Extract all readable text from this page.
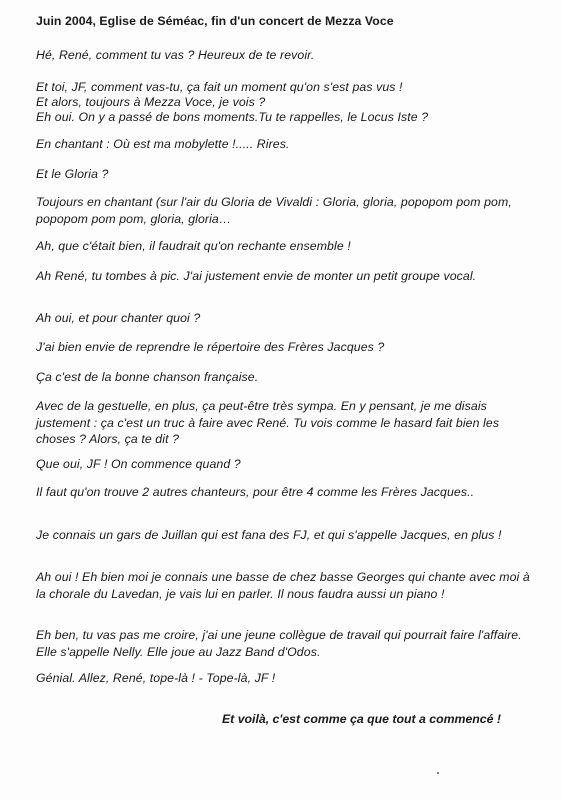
Juin 2004, Eglise de Séméac, fin d'un concert de Mezza Voce

Hé, René, comment tu vas ? Heureux de te revoir.

Et toi, JF, comment vas-tu, ça fait un moment qu'on s'est pas vus !

Et alors, toujours à Mezza Voce, je vois ?

Eh oui. On y a passé de bons moments.Tu te rappelles, le Locus Iste ?

En chantant : Où est ma mobylette !..... Rires.

Et le Gloria ?

Toujours en chantant (sur l'air du Gloria de Vivaldi : Gloria, gloria, popopom pom pom, popopom pom pom, gloria, gloria…

Ah, que c'était bien, il faudrait qu'on rechante ensemble !

Ah René, tu tombes à pic. J'ai justement envie de monter un petit groupe vocal.

Ah oui, et pour chanter quoi ?

J'ai bien envie de reprendre le répertoire des Frères Jacques ?

Ça c'est de la bonne chanson française.

Avec de la gestuelle, en plus, ça peut-être très sympa. En y pensant, je me disais justement : ça c'est un truc à faire avec René. Tu vois comme le hasard fait bien les choses ? Alors, ça te dit ?

Que oui, JF ! On commence quand ?

Il faut qu'on trouve 2 autres chanteurs, pour être 4 comme les Frères Jacques..

Je connais un gars de Juillan qui est fana des FJ, et qui s'appelle Jacques, en plus !

Ah oui ! Eh bien moi je connais une basse de chez basse Georges qui chante avec moi à la chorale du Lavedan, je vais lui en parler. Il nous faudra aussi un piano !

Eh ben, tu vas pas me croire, j'ai une jeune collègue de travail qui pourrait faire l'affaire. Elle s'appelle Nelly. Elle joue au Jazz Band d'Odos.

Génial. Allez, René, tope-là ! - Tope-là, JF !

Et voilà, c'est comme ça que tout a commencé !
